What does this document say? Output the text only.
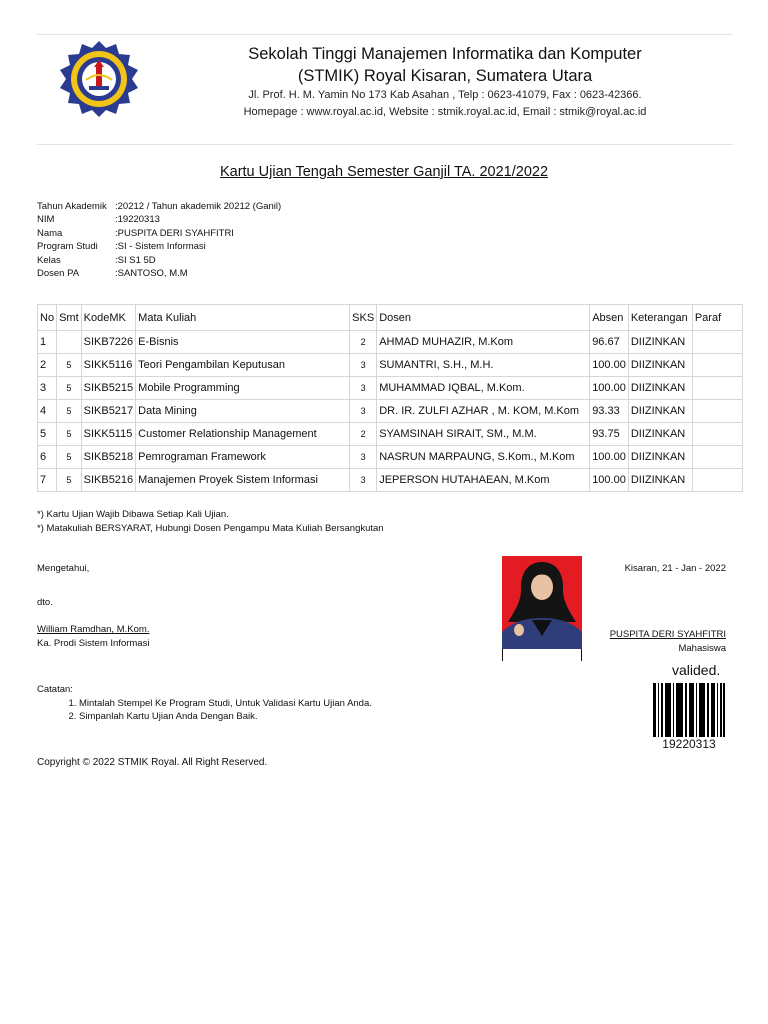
Sekolah Tinggi Manajemen Informatika dan Komputer
(STMIK) Royal Kisaran, Sumatera Utara
Jl. Prof. H. M. Yamin No 173 Kab Asahan , Telp : 0623-41079, Fax : 0623-42366.
Homepage : www.royal.ac.id, Website : stmik.royal.ac.id, Email : stmik@royal.ac.id
Kartu Ujian Tengah Semester Ganjil TA. 2021/2022
Tahun Akademik :20212 / Tahun akademik 20212 (Ganil)
NIM	:19220313
Nama	:PUSPITA DERI SYAHFITRI
Program Studi	:SI - Sistem Informasi
Kelas	:SI S1 5D
Dosen PA	:SANTOSO, M.M
No	Smt	KodeMK	Mata Kuliah	SKS	Dosen	Absen	Keterangan	Paraf
1		SIKB7226	E-Bisnis	2	AHMAD MUHAZIR, M.Kom	96.67	DIIZINKAN	
2	5	SIKK5116	Teori Pengambilan Keputusan	3	SUMANTRI, S.H., M.H.	100.00	DIIZINKAN	
3	5	SIKB5215	Mobile Programming	3	MUHAMMAD IQBAL, M.Kom.	100.00	DIIZINKAN	
4	5	SIKB5217	Data Mining	3	DR. IR. ZULFI AZHAR , M. KOM, M.Kom	93.33	DIIZINKAN	
5	5	SIKK5115	Customer Relationship Management	2	SYAMSINAH SIRAIT, SM., M.M.	93.75	DIIZINKAN	
6	5	SIKB5218	Pemrograman Framework	3	NASRUN MARPAUNG, S.Kom., M.Kom	100.00	DIIZINKAN	
7	5	SIKB5216	Manajemen Proyek Sistem Informasi	3	JEPERSON HUTAHAEAN, M.Kom	100.00	DIIZINKAN	
*) Kartu Ujian Wajib Dibawa Setiap Kali Ujian.
*) Matakuliah BERSYARAT, Hubungi Dosen Pengampu Mata Kuliah Bersangkutan
Mengetahui,
dto.
William Ramdhan, M.Kom.
Ka. Prodi Sistem Informasi
Kisaran, 21 - Jan - 2022
PUSPITA DERI SYAHFITRI
Mahasiswa
valided.
19220313
Catatan:
1. Mintalah Stempel Ke Program Studi, Untuk Validasi Kartu Ujian Anda.
2. Simpanlah Kartu Ujian Anda Dengan Baik.
Copyright © 2022 STMIK Royal. All Right Reserved.
